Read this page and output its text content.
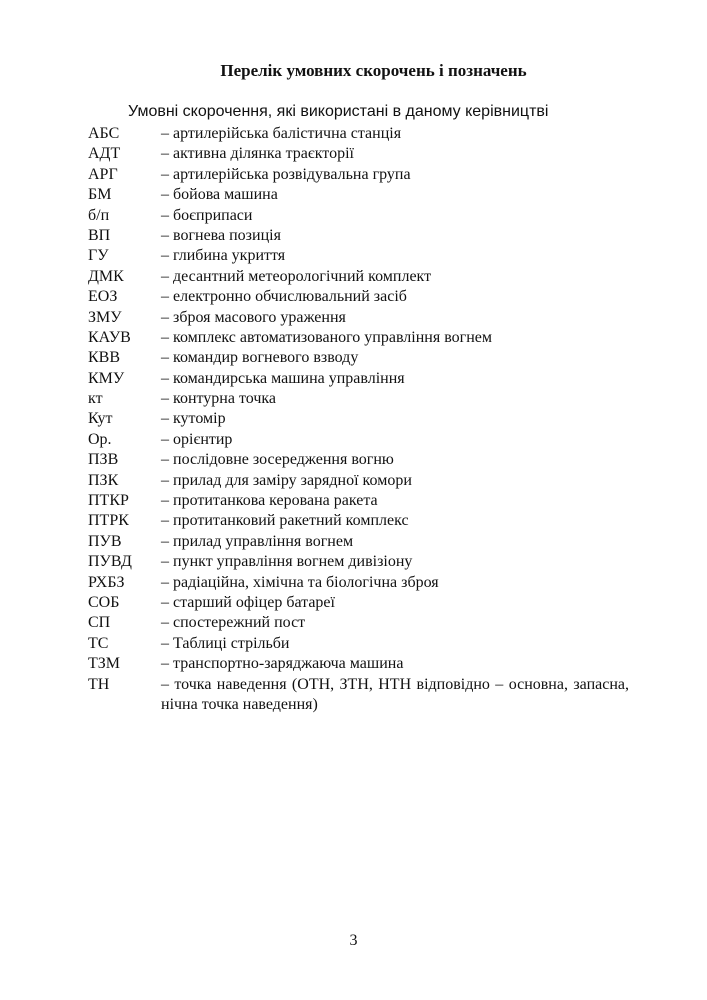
Перелік умовних скорочень і позначень
Умовні скорочення, які використані в даному керівництві
АБС	– артилерійська балістична станція
АДТ	– активна ділянка траєкторії
АРГ	– артилерійська розвідувальна група
БМ	– бойова машина
б/п	– боєприпаси
ВП	– вогнева позиція
ГУ	– глибина укриття
ДМК – десантний метеорологічний комплект
ЕОЗ	– електронно обчислювальний засіб
ЗМУ – зброя масового ураження
КАУВ – комплекс автоматизованого управління вогнем
КВВ	– командир вогневого взводу
КМУ – командирська машина управління
кт	– контурна точка
Кут	– кутомір
Ор.	– орієнтир
ПЗВ	– послідовне зосередження вогню
ПЗК	– прилад для заміру зарядної комори
ПТКР – протитанкова керована ракета
ПТРК – протитанковий ракетний комплекс
ПУВ – прилад управління вогнем
ПУВД – пункт управління вогнем дивізіону
РХБЗ – радіаційна, хімічна та біологічна зброя
СОБ	– старший офіцер батареї
СП	– спостережний пост
ТС	– Таблиці стрільби
ТЗМ	– транспортно-заряджаюча машина
ТН	– точка наведення (ОТН, ЗТН, НТН відповідно – основна, запасна, нічна точка наведення)
3
